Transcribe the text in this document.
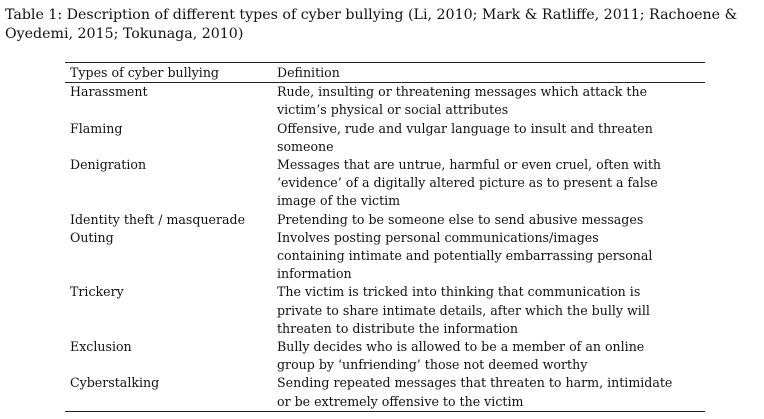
Table 1: Description of different types of cyber bullying (Li, 2010; Mark & Ratliffe, 2011; Rachoene & Oyedemi, 2015; Tokunaga, 2010)
Types of cyber bullying	Definition
Harassment	Rude, insulting or threatening messages which attack the
victim’s physical or social attributes
Flaming	Offensive, rude and vulgar language to insult and threaten
someone
Denigration	Messages that are untrue, harmful or even cruel, often with
‘evidence’ of a digitally altered picture as to present a false
image of the victim
Identity theft / masquerade	Pretending to be someone else to send abusive messages
Outing	Involves posting personal communications/images
containing intimate and potentially embarrassing personal
information
Trickery	The victim is tricked into thinking that communication is
private to share intimate details, after which the bully will
threaten to distribute the information
Exclusion	Bully decides who is allowed to be a member of an online
group by ‘unfriending’ those not deemed worthy
Cyberstalking	Sending repeated messages that threaten to harm, intimidate
or be extremely offensive to the victim
